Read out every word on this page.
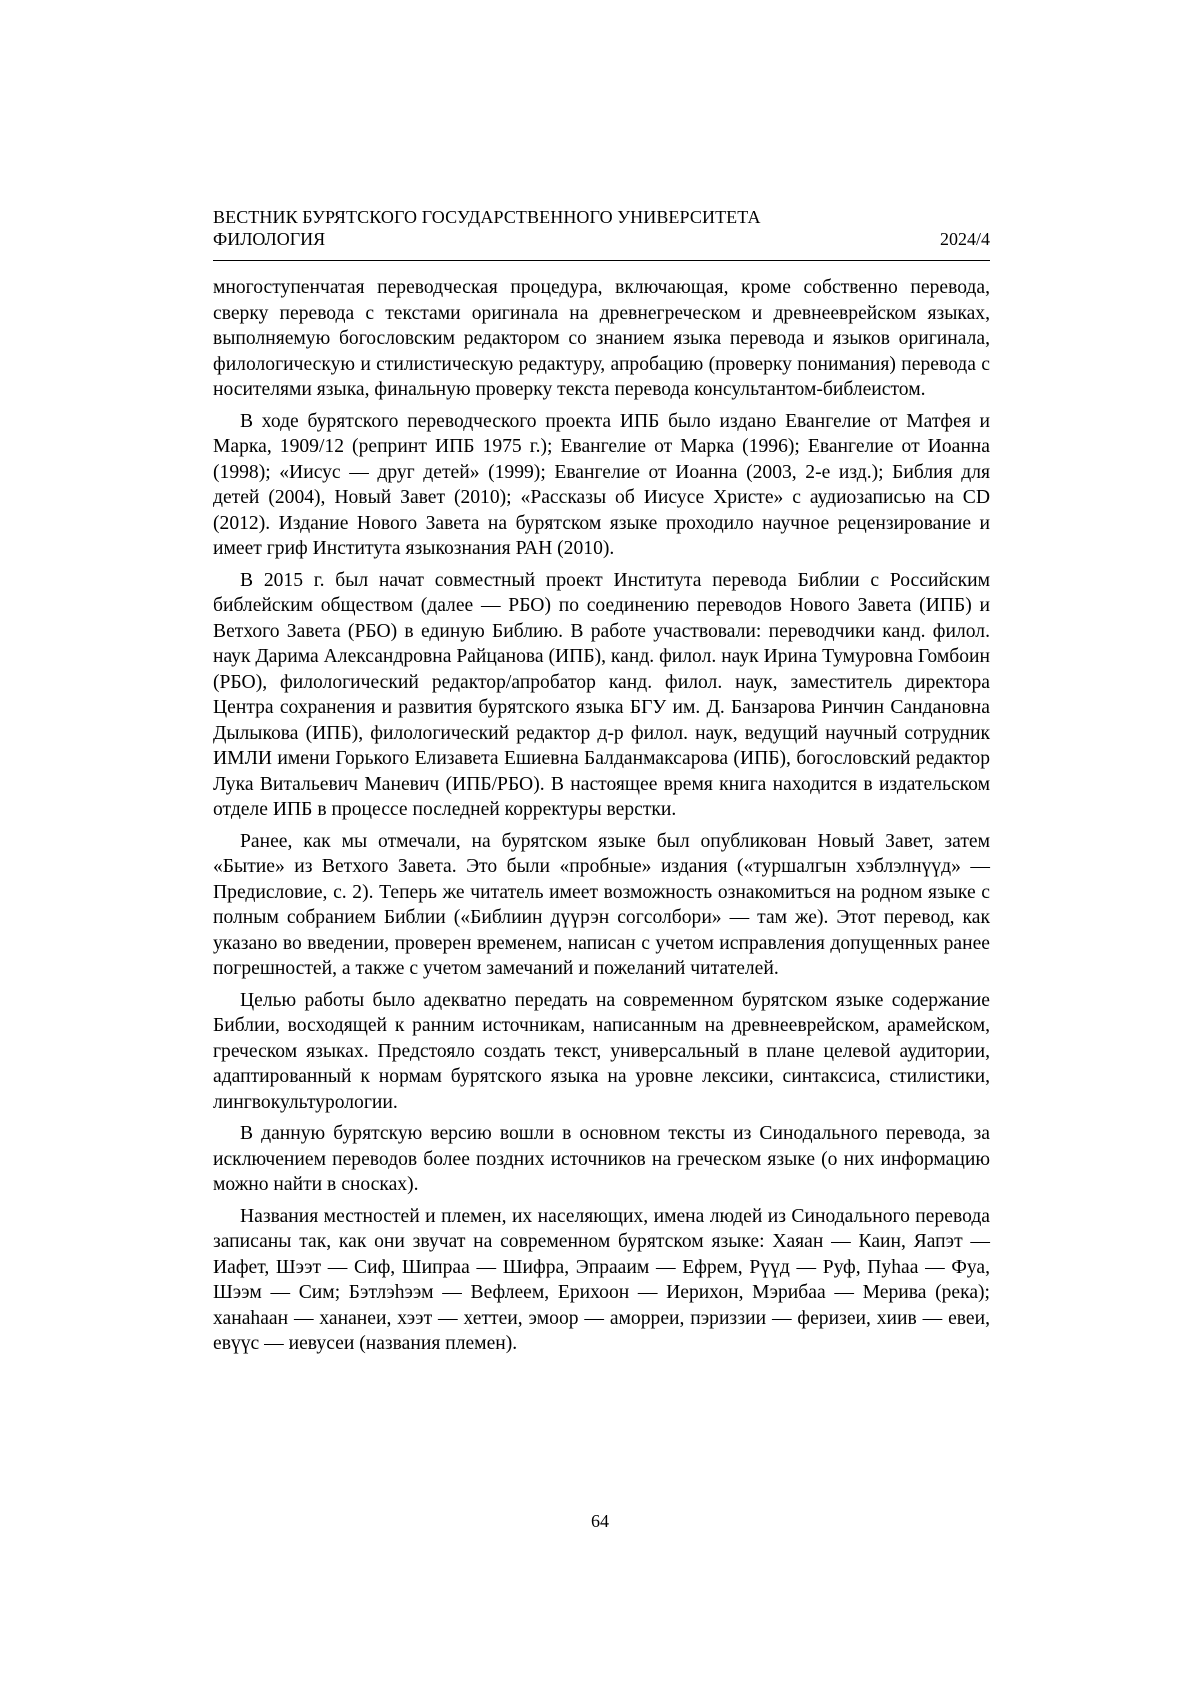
ВЕСТНИК БУРЯТСКОГО ГОСУДАРСТВЕННОГО УНИВЕРСИТЕТА
ФИЛОЛОГИЯ	2024/4

многоступенчатая переводческая процедура, включающая, кроме собственно перевода, сверку перевода с текстами оригинала на древнегреческом и древнееврейском языках, выполняемую богословским редактором со знанием языка перевода и языков оригинала, филологическую и стилистическую редактуру, апробацию (проверку понимания) перевода с носителями языка, финальную проверку текста перевода консультантом-библеистом.

В ходе бурятского переводческого проекта ИПБ было издано Евангелие от Матфея и Марка, 1909/12 (репринт ИПБ 1975 г.); Евангелие от Марка (1996); Евангелие от Иоанна (1998); «Иисус — друг детей» (1999); Евангелие от Иоанна (2003, 2-е изд.); Библия для детей (2004), Новый Завет (2010); «Рассказы об Иисусе Христе» с аудиозаписью на CD (2012). Издание Нового Завета на бурятском языке проходило научное рецензирование и имеет гриф Института языкознания РАН (2010).

В 2015 г. был начат совместный проект Института перевода Библии с Российским библейским обществом (далее — РБО) по соединению переводов Нового Завета (ИПБ) и Ветхого Завета (РБО) в единую Библию. В работе участвовали: переводчики канд. филол. наук Дарима Александровна Райцанова (ИПБ), канд. филол. наук Ирина Тумуровна Гомбоин (РБО), филологический редактор/апробатор канд. филол. наук, заместитель директора Центра сохранения и развития бурятского языка БГУ им. Д. Банзарова Ринчин Сандановна Дылыкова (ИПБ), филологический редактор д-р филол. наук, ведущий научный сотрудник ИМЛИ имени Горького Елизавета Ешиевна Балданмаксарова (ИПБ), богословский редактор Лука Витальевич Маневич (ИПБ/РБО). В настоящее время книга находится в издательском отделе ИПБ в процессе последней корректуры верстки.

Ранее, как мы отмечали, на бурятском языке был опубликован Новый Завет, затем «Бытие» из Ветхого Завета. Это были «пробные» издания («туршалгын хэблэлнүүд» — Предисловие, с. 2). Теперь же читатель имеет возможность ознакомиться на родном языке с полным собранием Библии («Библиин дүүрэн согсолбори» — там же). Этот перевод, как указано во введении, проверен временем, написан с учетом исправления допущенных ранее погрешностей, а также с учетом замечаний и пожеланий читателей.

Целью работы было адекватно передать на современном бурятском языке содержание Библии, восходящей к ранним источникам, написанным на древнееврейском, арамейском, греческом языках. Предстояло создать текст, универсальный в плане целевой аудитории, адаптированный к нормам бурятского языка на уровне лексики, синтаксиса, стилистики, лингвокультурологии.

В данную бурятскую версию вошли в основном тексты из Синодального перевода, за исключением переводов более поздних источников на греческом языке (о них информацию можно найти в сносках).

Названия местностей и племен, их населяющих, имена людей из Синодального перевода записаны так, как они звучат на современном бурятском языке: Хаяан — Каин, Яапэт — Иафет, Шээт — Сиф, Шипраа — Шифра, Эпрааим — Ефрем, Рүүд — Руф, Пуhаа — Фуа, Шээм — Сим; Бэтлэhээм — Вефлеем, Ерихоон — Иерихон, Мэрибаа — Мерива (река); ханаhаан — хананеи, хээт — хеттеи, эмоор — аморреи, пэриззии — феризеи, хиив — евеи, евүүс — иевусеи (названия племен).

64
